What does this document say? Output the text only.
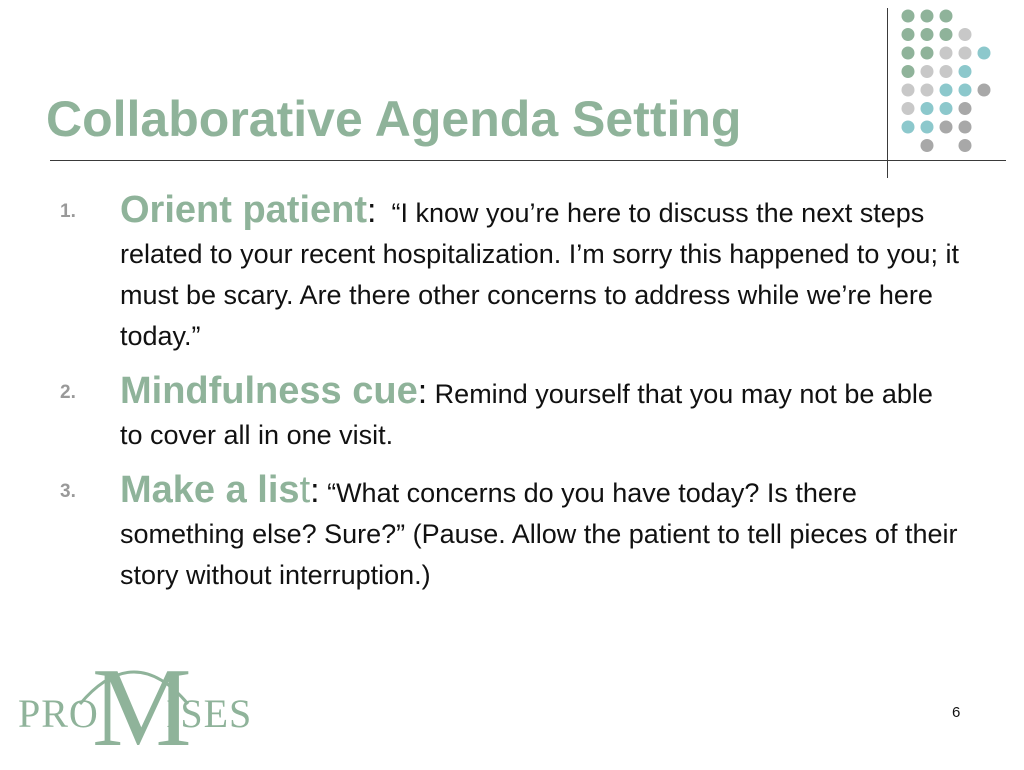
Collaborative Agenda Setting
1. Orient patient:  “I know you’re here to discuss the next steps related to your recent hospitalization. I’m sorry this happened to you; it must be scary. Are there other concerns to address while we’re here today.”
2. Mindfulness cue: Remind yourself that you may not be able to cover all in one visit.
3. Make a list: “What concerns do you have today? Is there something else? Sure?” (Pause. Allow the patient to tell pieces of their story without interruption.)
PRO
M
ISES	6
